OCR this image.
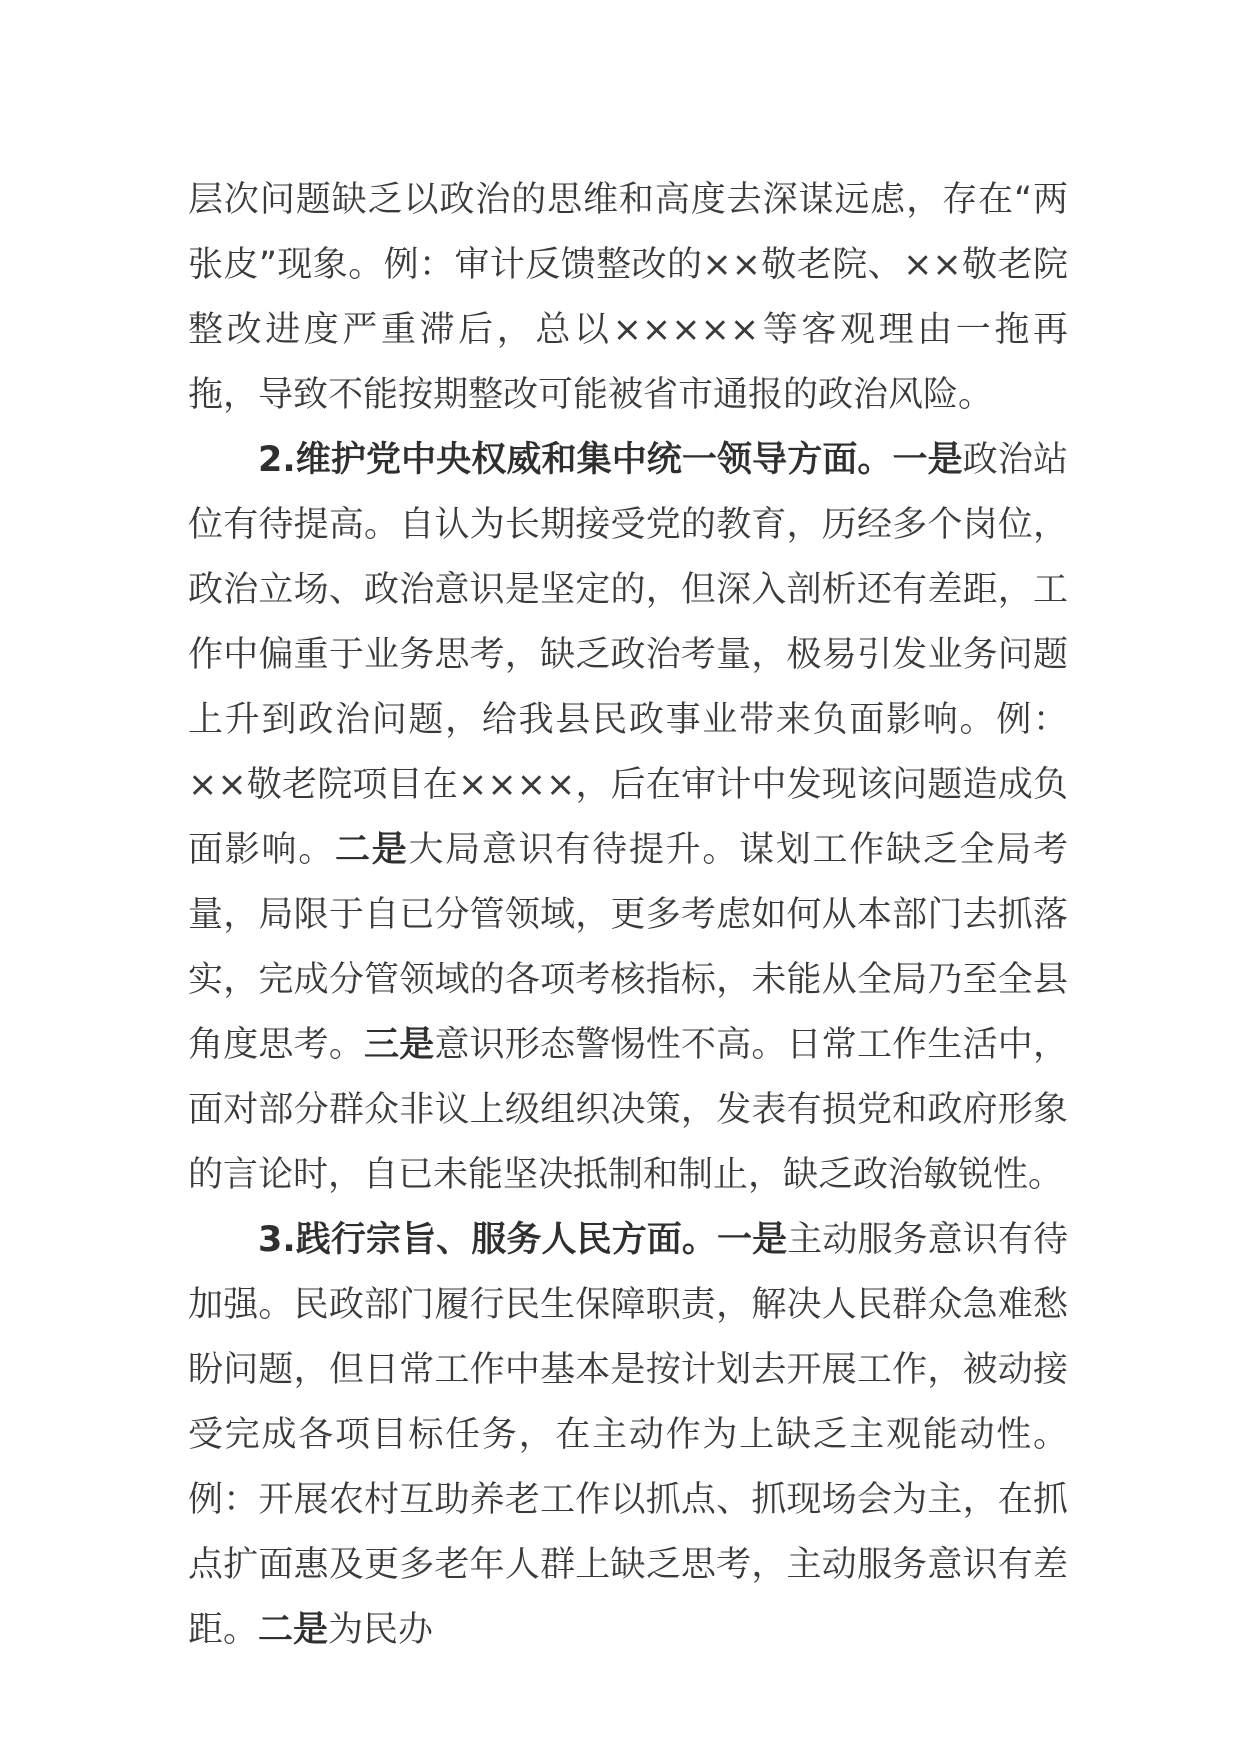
层次问题缺乏以政治的思维和高度去深谋远虑，存在“两张皮”现象。例：审计反馈整改的××敬老院、××敬老院整改进度严重滞后，总以×××××等客观理由一拖再拖，导致不能按期整改可能被省市通报的政治风险。

2.维护党中央权威和集中统一领导方面。一是政治站位有待提高。自认为长期接受党的教育，历经多个岗位，政治立场、政治意识是坚定的，但深入剖析还有差距，工作中偏重于业务思考，缺乏政治考量，极易引发业务问题上升到政治问题，给我县民政事业带来负面影响。例：××敬老院项目在××××，后在审计中发现该问题造成负面影响。二是大局意识有待提升。谋划工作缺乏全局考量，局限于自已分管领域，更多考虑如何从本部门去抓落实，完成分管领域的各项考核指标，未能从全局乃至全县角度思考。三是意识形态警惕性不高。日常工作生活中，面对部分群众非议上级组织决策，发表有损党和政府形象的言论时，自已未能坚决抵制和制止，缺乏政治敏锐性。

3.践行宗旨、服务人民方面。一是主动服务意识有待加强。民政部门履行民生保障职责，解决人民群众急难愁盼问题，但日常工作中基本是按计划去开展工作，被动接受完成各项目标任务，在主动作为上缺乏主观能动性。例：开展农村互助养老工作以抓点、抓现场会为主，在抓点扩面惠及更多老年人群上缺乏思考，主动服务意识有差距。二是为民办
